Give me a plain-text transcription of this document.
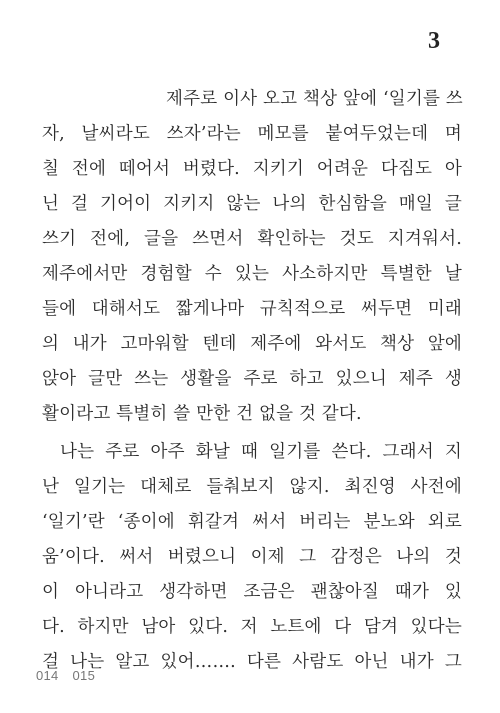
3
제주로 이사 오고 책상 앞에 ‘일기를 쓰
자, 날씨라도 쓰자’라는 메모를 붙여두었는데 며
칠 전에 떼어서 버렸다. 지키기 어려운 다짐도 아
닌 걸 기어이 지키지 않는 나의 한심함을 매일 글
쓰기 전에, 글을 쓰면서 확인하는 것도 지겨워서.
제주에서만 경험할 수 있는 사소하지만 특별한 날
들에 대해서도 짧게나마 규칙적으로 써두면 미래
의 내가 고마워할 텐데 제주에 와서도 책상 앞에
앉아 글만 쓰는 생활을 주로 하고 있으니 제주 생
활이라고 특별히 쓸 만한 건 없을 것 같다.
나는 주로 아주 화날 때 일기를 쓴다. 그래서 지
난 일기는 대체로 들춰보지 않지. 최진영 사전에
‘일기’란 ‘종이에 휘갈겨 써서 버리는 분노와 외로
움’이다. 써서 버렸으니 이제 그 감정은 나의 것
이 아니라고 생각하면 조금은 괜찮아질 때가 있
다. 하지만 남아 있다. 저 노트에 다 담겨 있다는
걸 나는 알고 있어……. 다른 사람도 아닌 내가 그
014 015
